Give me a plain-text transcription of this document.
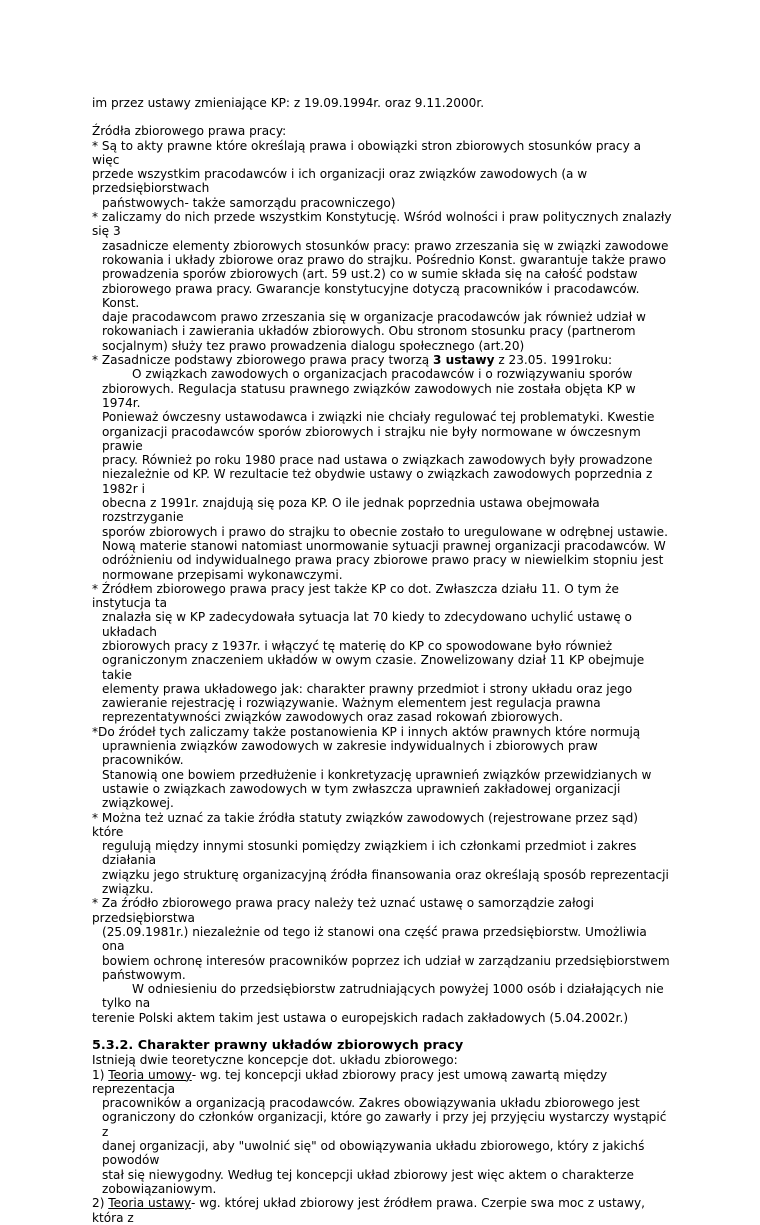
im przez ustawy zmieniające KP: z 19.09.1994r. oraz 9.11.2000r.

Źródła zbiorowego prawa pracy:

* Są to akty prawne które określają prawa i obowiązki stron zbiorowych stosunków pracy a więc

przede wszystkim pracodawców i ich organizacji oraz związków zawodowych (a w przedsiębiorstwach

państwowych- także samorządu pracowniczego)

* zaliczamy do nich przede wszystkim Konstytucję. Wśród wolności i praw politycznych znalazły się 3

zasadnicze elementy zbiorowych stosunków pracy: prawo zrzeszania się w związki zawodowe

rokowania i układy zbiorowe oraz prawo do strajku. Pośrednio Konst. gwarantuje także prawo

prowadzenia sporów zbiorowych (art. 59 ust.2) co w sumie składa się na całość podstaw

zbiorowego prawa pracy. Gwarancje konstytucyjne dotyczą pracowników i pracodawców. Konst.

daje pracodawcom prawo zrzeszania się w organizacje pracodawców jak również udział w

rokowaniach i zawierania układów zbiorowych. Obu stronom stosunku pracy (partnerom

socjalnym) służy tez prawo prowadzenia dialogu społecznego (art.20)

* Zasadnicze podstawy zbiorowego prawa pracy tworzą 3 ustawy z 23.05. 1991roku:

O związkach zawodowych o organizacjach pracodawców i o rozwiązywaniu sporów

zbiorowych. Regulacja statusu prawnego związków zawodowych nie została objęta KP w 1974r.

Ponieważ ówczesny ustawodawca i związki nie chciały regulować tej problematyki. Kwestie

organizacji pracodawców sporów zbiorowych i strajku nie były normowane w ówczesnym prawie

pracy. Również po roku 1980 prace nad ustawa o związkach zawodowych były prowadzone

niezależnie od KP. W rezultacie też obydwie ustawy o związkach zawodowych poprzednia z 1982r i

obecna z 1991r. znajdują się poza KP. O ile jednak poprzednia ustawa obejmowała rozstrzyganie

sporów zbiorowych i prawo do strajku to obecnie zostało to uregulowane w odrębnej ustawie.

Nową materie stanowi natomiast unormowanie sytuacji prawnej organizacji pracodawców. W

odróżnieniu od indywidualnego prawa pracy zbiorowe prawo pracy w niewielkim stopniu jest

normowane przepisami wykonawczymi.

* Źródłem zbiorowego prawa pracy jest także KP co dot. Zwłaszcza działu 11. O tym że instytucja ta

znalazła się w KP zadecydowała sytuacja lat 70 kiedy to zdecydowano uchylić ustawę o układach

zbiorowych pracy z 1937r. i włączyć tę materię do KP co spowodowane było również

ograniczonym znaczeniem układów w owym czasie. Znowelizowany dział 11 KP obejmuje takie

elementy prawa układowego jak: charakter prawny przedmiot i strony układu oraz jego

zawieranie rejestrację i rozwiązywanie. Ważnym elementem jest regulacja prawna

reprezentatywności związków zawodowych oraz zasad rokowań zbiorowych.

*Do źródeł tych zaliczamy także postanowienia KP i innych aktów prawnych które normują

uprawnienia związków zawodowych w zakresie indywidualnych i zbiorowych praw pracowników.

Stanowią one bowiem przedłużenie i konkretyzację uprawnień związków przewidzianych w

ustawie o związkach zawodowych w tym zwłaszcza uprawnień zakładowej organizacji

związkowej.

* Można też uznać za takie źródła statuty związków zawodowych (rejestrowane przez sąd) które

regulują między innymi stosunki pomiędzy związkiem i ich członkami przedmiot i zakres działania

związku jego strukturę organizacyjną źródła finansowania oraz określają sposób reprezentacji

związku.

* Za źródło zbiorowego prawa pracy należy też uznać ustawę o samorządzie załogi przedsiębiorstwa

(25.09.1981r.) niezależnie od tego iż stanowi ona część prawa przedsiębiorstw. Umożliwia ona

bowiem ochronę interesów pracowników poprzez ich udział w zarządzaniu przedsiębiorstwem

państwowym.

W odniesieniu do przedsiębiorstw zatrudniających powyżej 1000 osób i działających nie tylko na

terenie Polski aktem takim jest ustawa o europejskich radach zakładowych (5.04.2002r.)

5.3.2. Charakter prawny układów zbiorowych pracy

Istnieją dwie teoretyczne koncepcje dot. układu zbiorowego:

1) Teoria umowy- wg. tej koncepcji układ zbiorowy pracy jest umową zawartą między reprezentacja

pracowników a organizacją pracodawców. Zakres obowiązywania układu zbiorowego jest

ograniczony do członków organizacji, które go zawarły i przy jej przyjęciu wystarczy wystąpić z

danej organizacji, aby "uwolnić się" od obowiązywania układu zbiorowego, który z jakichś powodów

stał się niewygodny. Według tej koncepcji układ zbiorowy jest więc aktem o charakterze

zobowiązaniowym.

2) Teoria ustawy- wg. której układ zbiorowy jest źródłem prawa. Czerpie swa moc z ustawy, która z
